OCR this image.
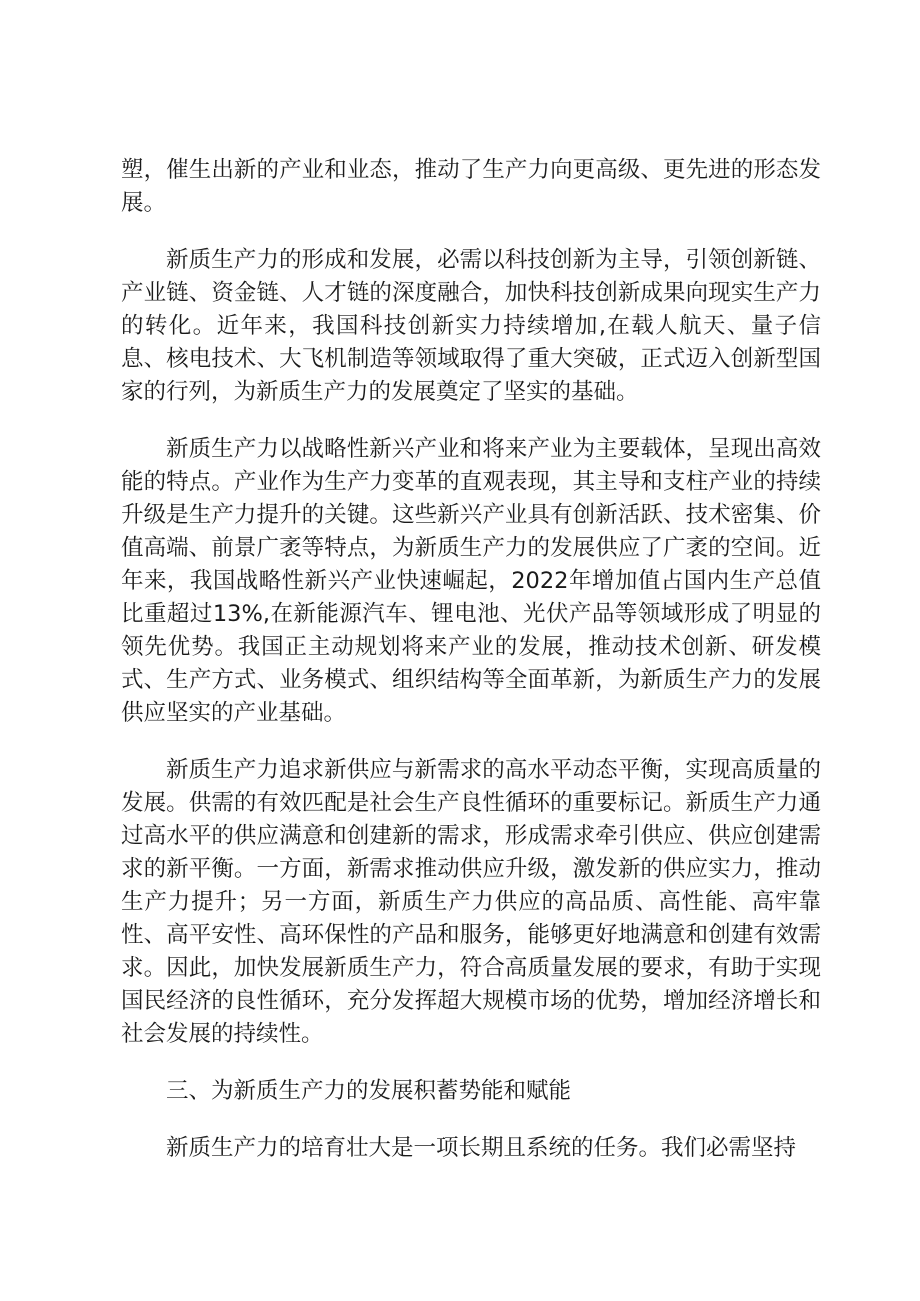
塑，催生出新的产业和业态，推动了生产力向更高级、更先进的形态发展。

新质生产力的形成和发展，必需以科技创新为主导，引领创新链、产业链、资金链、人才链的深度融合，加快科技创新成果向现实生产力的转化。近年来，我国科技创新实力持续增加,在载人航天、量子信息、核电技术、大飞机制造等领域取得了重大突破，正式迈入创新型国家的行列，为新质生产力的发展奠定了坚实的基础。

新质生产力以战略性新兴产业和将来产业为主要载体，呈现出高效能的特点。产业作为生产力变革的直观表现，其主导和支柱产业的持续升级是生产力提升的关键。这些新兴产业具有创新活跃、技术密集、价值高端、前景广袤等特点，为新质生产力的发展供应了广袤的空间。近年来，我国战略性新兴产业快速崛起，2022年增加值占国内生产总值比重超过13%,在新能源汽车、锂电池、光伏产品等领域形成了明显的领先优势。我国正主动规划将来产业的发展，推动技术创新、研发模式、生产方式、业务模式、组织结构等全面革新，为新质生产力的发展供应坚实的产业基础。

新质生产力追求新供应与新需求的高水平动态平衡，实现高质量的发展。供需的有效匹配是社会生产良性循环的重要标记。新质生产力通过高水平的供应满意和创建新的需求，形成需求牵引供应、供应创建需求的新平衡。一方面，新需求推动供应升级，激发新的供应实力，推动生产力提升；另一方面，新质生产力供应的高品质、高性能、高牢靠性、高平安性、高环保性的产品和服务，能够更好地满意和创建有效需求。因此，加快发展新质生产力，符合高质量发展的要求，有助于实现国民经济的良性循环，充分发挥超大规模市场的优势，增加经济增长和社会发展的持续性。

三、为新质生产力的发展积蓄势能和赋能

新质生产力的培育壮大是一项长期且系统的任务。我们必需坚持
